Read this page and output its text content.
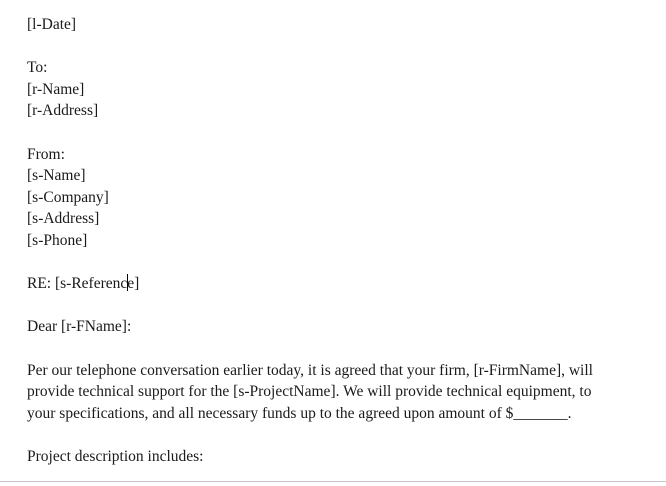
[l-Date]
To:
[r-Name]
[r-Address]
From:
[s-Name]
[s-Company]
[s-Address]
[s-Phone]
RE: [s-Reference]
Dear [r-FName]:
Per our telephone conversation earlier today, it is agreed that your firm, [r-FirmName], will
provide technical support for the [s-ProjectName]. We will provide technical equipment, to
your specifications, and all necessary funds up to the agreed upon amount of $_______.
Project description includes:
